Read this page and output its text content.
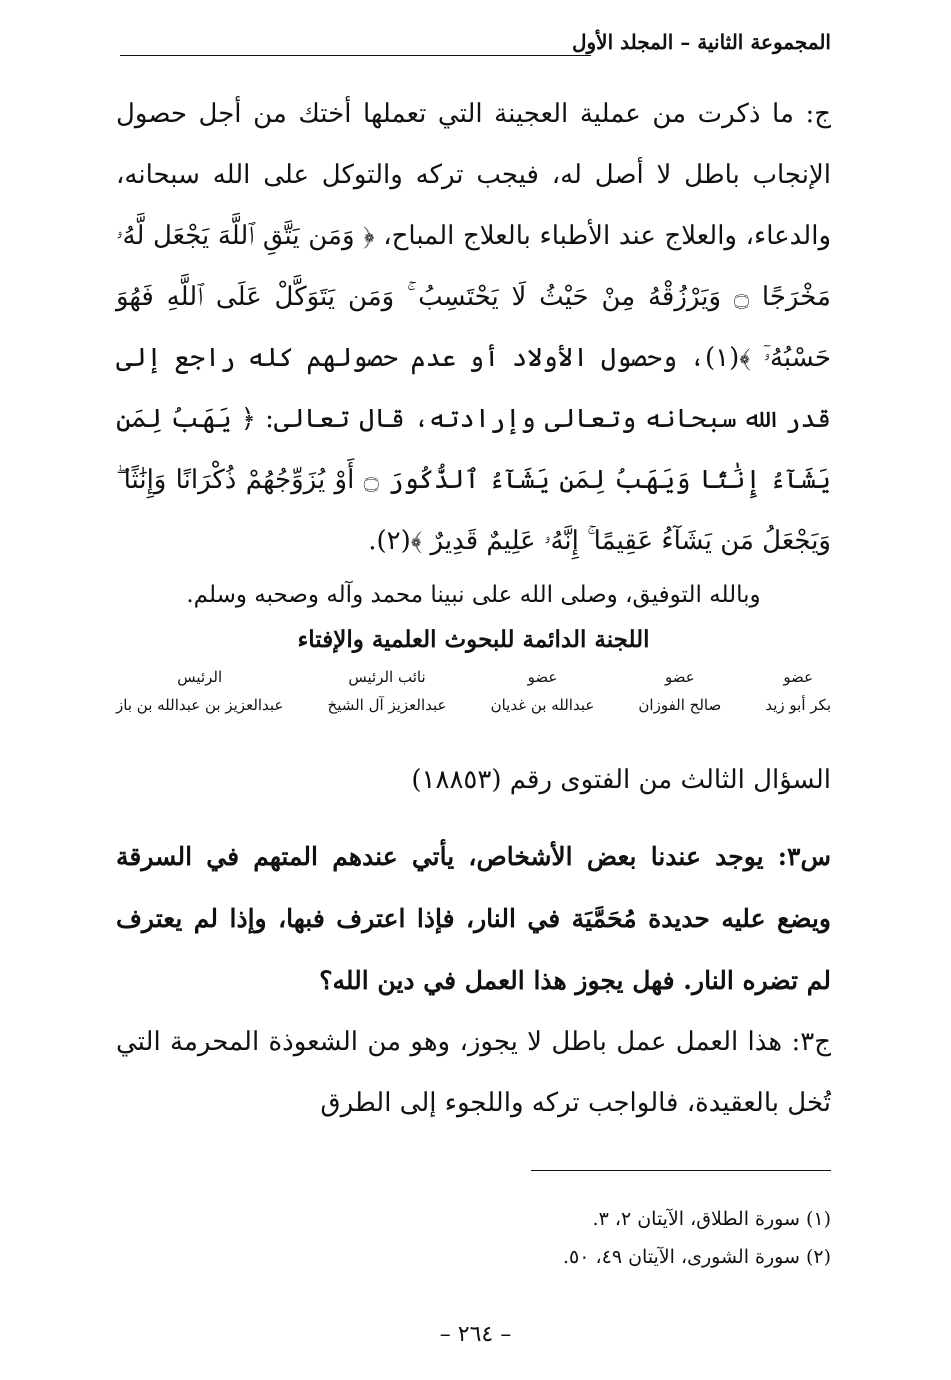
المجموعة الثانية – المجلد الأول

ج: ما ذكرت من عملية العجينة التي تعملها أختك من أجل حصول الإنجاب باطل لا أصل له، فيجب تركه والتوكل على الله سبحانه، والدعاء، والعلاج عند الأطباء بالعلاج المباح، ﴿ وَمَن يَتَّقِ ٱللَّهَ يَجْعَل لَّهُۥ مَخْرَجًا ۝ وَيَرْزُقْهُ مِنْ حَيْثُ لَا يَحْتَسِبُ ۚ وَمَن يَتَوَكَّلْ عَلَى ٱللَّهِ فَهُوَ حَسْبُهُۥٓ ﴾(١)، وحصول الأولاد أو عدم حصولهم كله راجع إلى قدر الله سبحانه وتعالى وإرادته، قال تعالى: ﴿ يَهَبُ لِمَن يَشَآءُ إِنَٰثًا وَيَهَبُ لِمَن يَشَآءُ ٱلذُّكُورَ ۝ أَوْ يُزَوِّجُهُمْ ذُكْرَانًا وَإِنَٰثًا ۖ وَيَجْعَلُ مَن يَشَآءُ عَقِيمًا ۚ إِنَّهُۥ عَلِيمٌ قَدِيرٌ ﴾(٢).

وبالله التوفيق، وصلى الله على نبينا محمد وآله وصحبه وسلم.

اللجنة الدائمة للبحوث العلمية والإفتاء

عضو
بكر أبو زيد
عضو
صالح الفوزان
عضو
عبدالله بن غديان
نائب الرئيس
عبدالعزيز آل الشيخ
الرئيس
عبدالعزيز بن عبدالله بن باز

السؤال الثالث من الفتوى رقم (١٨٨٥٣)

س٣: يوجد عندنا بعض الأشخاص، يأتي عندهم المتهم في السرقة ويضع عليه حديدة مُحَمَّيَة في النار، فإذا اعترف فبها، وإذا لم يعترف لم تضره النار. فهل يجوز هذا العمل في دين الله؟

ج٣: هذا العمل عمل باطل لا يجوز، وهو من الشعوذة المحرمة التي تُخل بالعقيدة، فالواجب تركه واللجوء إلى الطرق

(١) سورة الطلاق، الآيتان ٢، ٣.

(٢) سورة الشورى، الآيتان ٤٩، ٥٠.

– ٢٦٤ –
